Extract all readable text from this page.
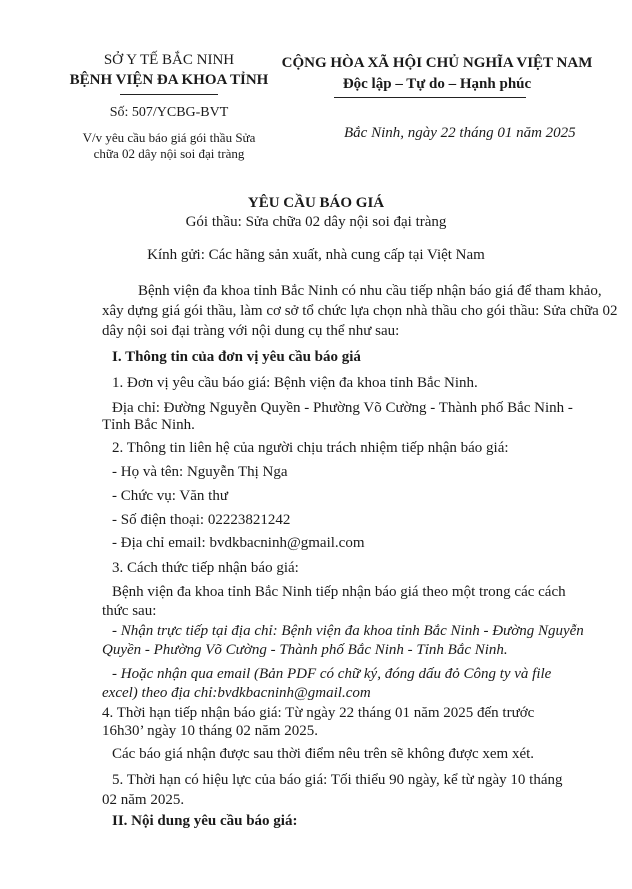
SỞ Y TẾ BẮC NINH
BỆNH VIỆN ĐA KHOA TỈNH
Số: 507/YCBG-BVT
V/v yêu cầu báo giá gói thầu Sửa
chữa 02 dây nội soi đại tràng
CỘNG HÒA XÃ HỘI CHỦ NGHĨA VIỆT NAM
Độc lập – Tự do – Hạnh phúc
Bắc Ninh, ngày 22 tháng 01 năm 2025
YÊU CẦU BÁO GIÁ
Gói thầu: Sửa chữa 02 dây nội soi đại tràng
Kính gửi: Các hãng sản xuất, nhà cung cấp tại Việt Nam
Bệnh viện đa khoa tỉnh Bắc Ninh có nhu cầu tiếp nhận báo giá để tham khảo,
xây dựng giá gói thầu, làm cơ sở tổ chức lựa chọn nhà thầu cho gói thầu: Sửa chữa 02
dây nội soi đại tràng với nội dung cụ thể như sau:
I. Thông tin của đơn vị yêu cầu báo giá
1. Đơn vị yêu cầu báo giá: Bệnh viện đa khoa tỉnh Bắc Ninh.
Địa chỉ: Đường Nguyễn Quyền - Phường Võ Cường - Thành phố Bắc Ninh -
Tỉnh Bắc Ninh.
2. Thông tin liên hệ của người chịu trách nhiệm tiếp nhận báo giá:
- Họ và tên: Nguyễn Thị Nga
- Chức vụ: Văn thư
- Số điện thoại: 02223821242
- Địa chỉ email: bvdkbacninh@gmail.com
3. Cách thức tiếp nhận báo giá:
Bệnh viện đa khoa tỉnh Bắc Ninh tiếp nhận báo giá theo một trong các cách
thức sau:
- Nhận trực tiếp tại địa chỉ: Bệnh viện đa khoa tỉnh Bắc Ninh - Đường Nguyễn
Quyền - Phường Võ Cường - Thành phố Bắc Ninh - Tỉnh Bắc Ninh.
- Hoặc nhận qua email (Bản PDF có chữ ký, đóng dấu đỏ Công ty và file
excel) theo địa chỉ:bvdkbacninh@gmail.com
4. Thời hạn tiếp nhận báo giá: Từ ngày 22 tháng 01 năm 2025 đến trước
16h30’ ngày 10 tháng 02 năm 2025.
Các báo giá nhận được sau thời điểm nêu trên sẽ không được xem xét.
5. Thời hạn có hiệu lực của báo giá: Tối thiểu 90 ngày, kể từ ngày 10 tháng
02 năm 2025.
II. Nội dung yêu cầu báo giá:
